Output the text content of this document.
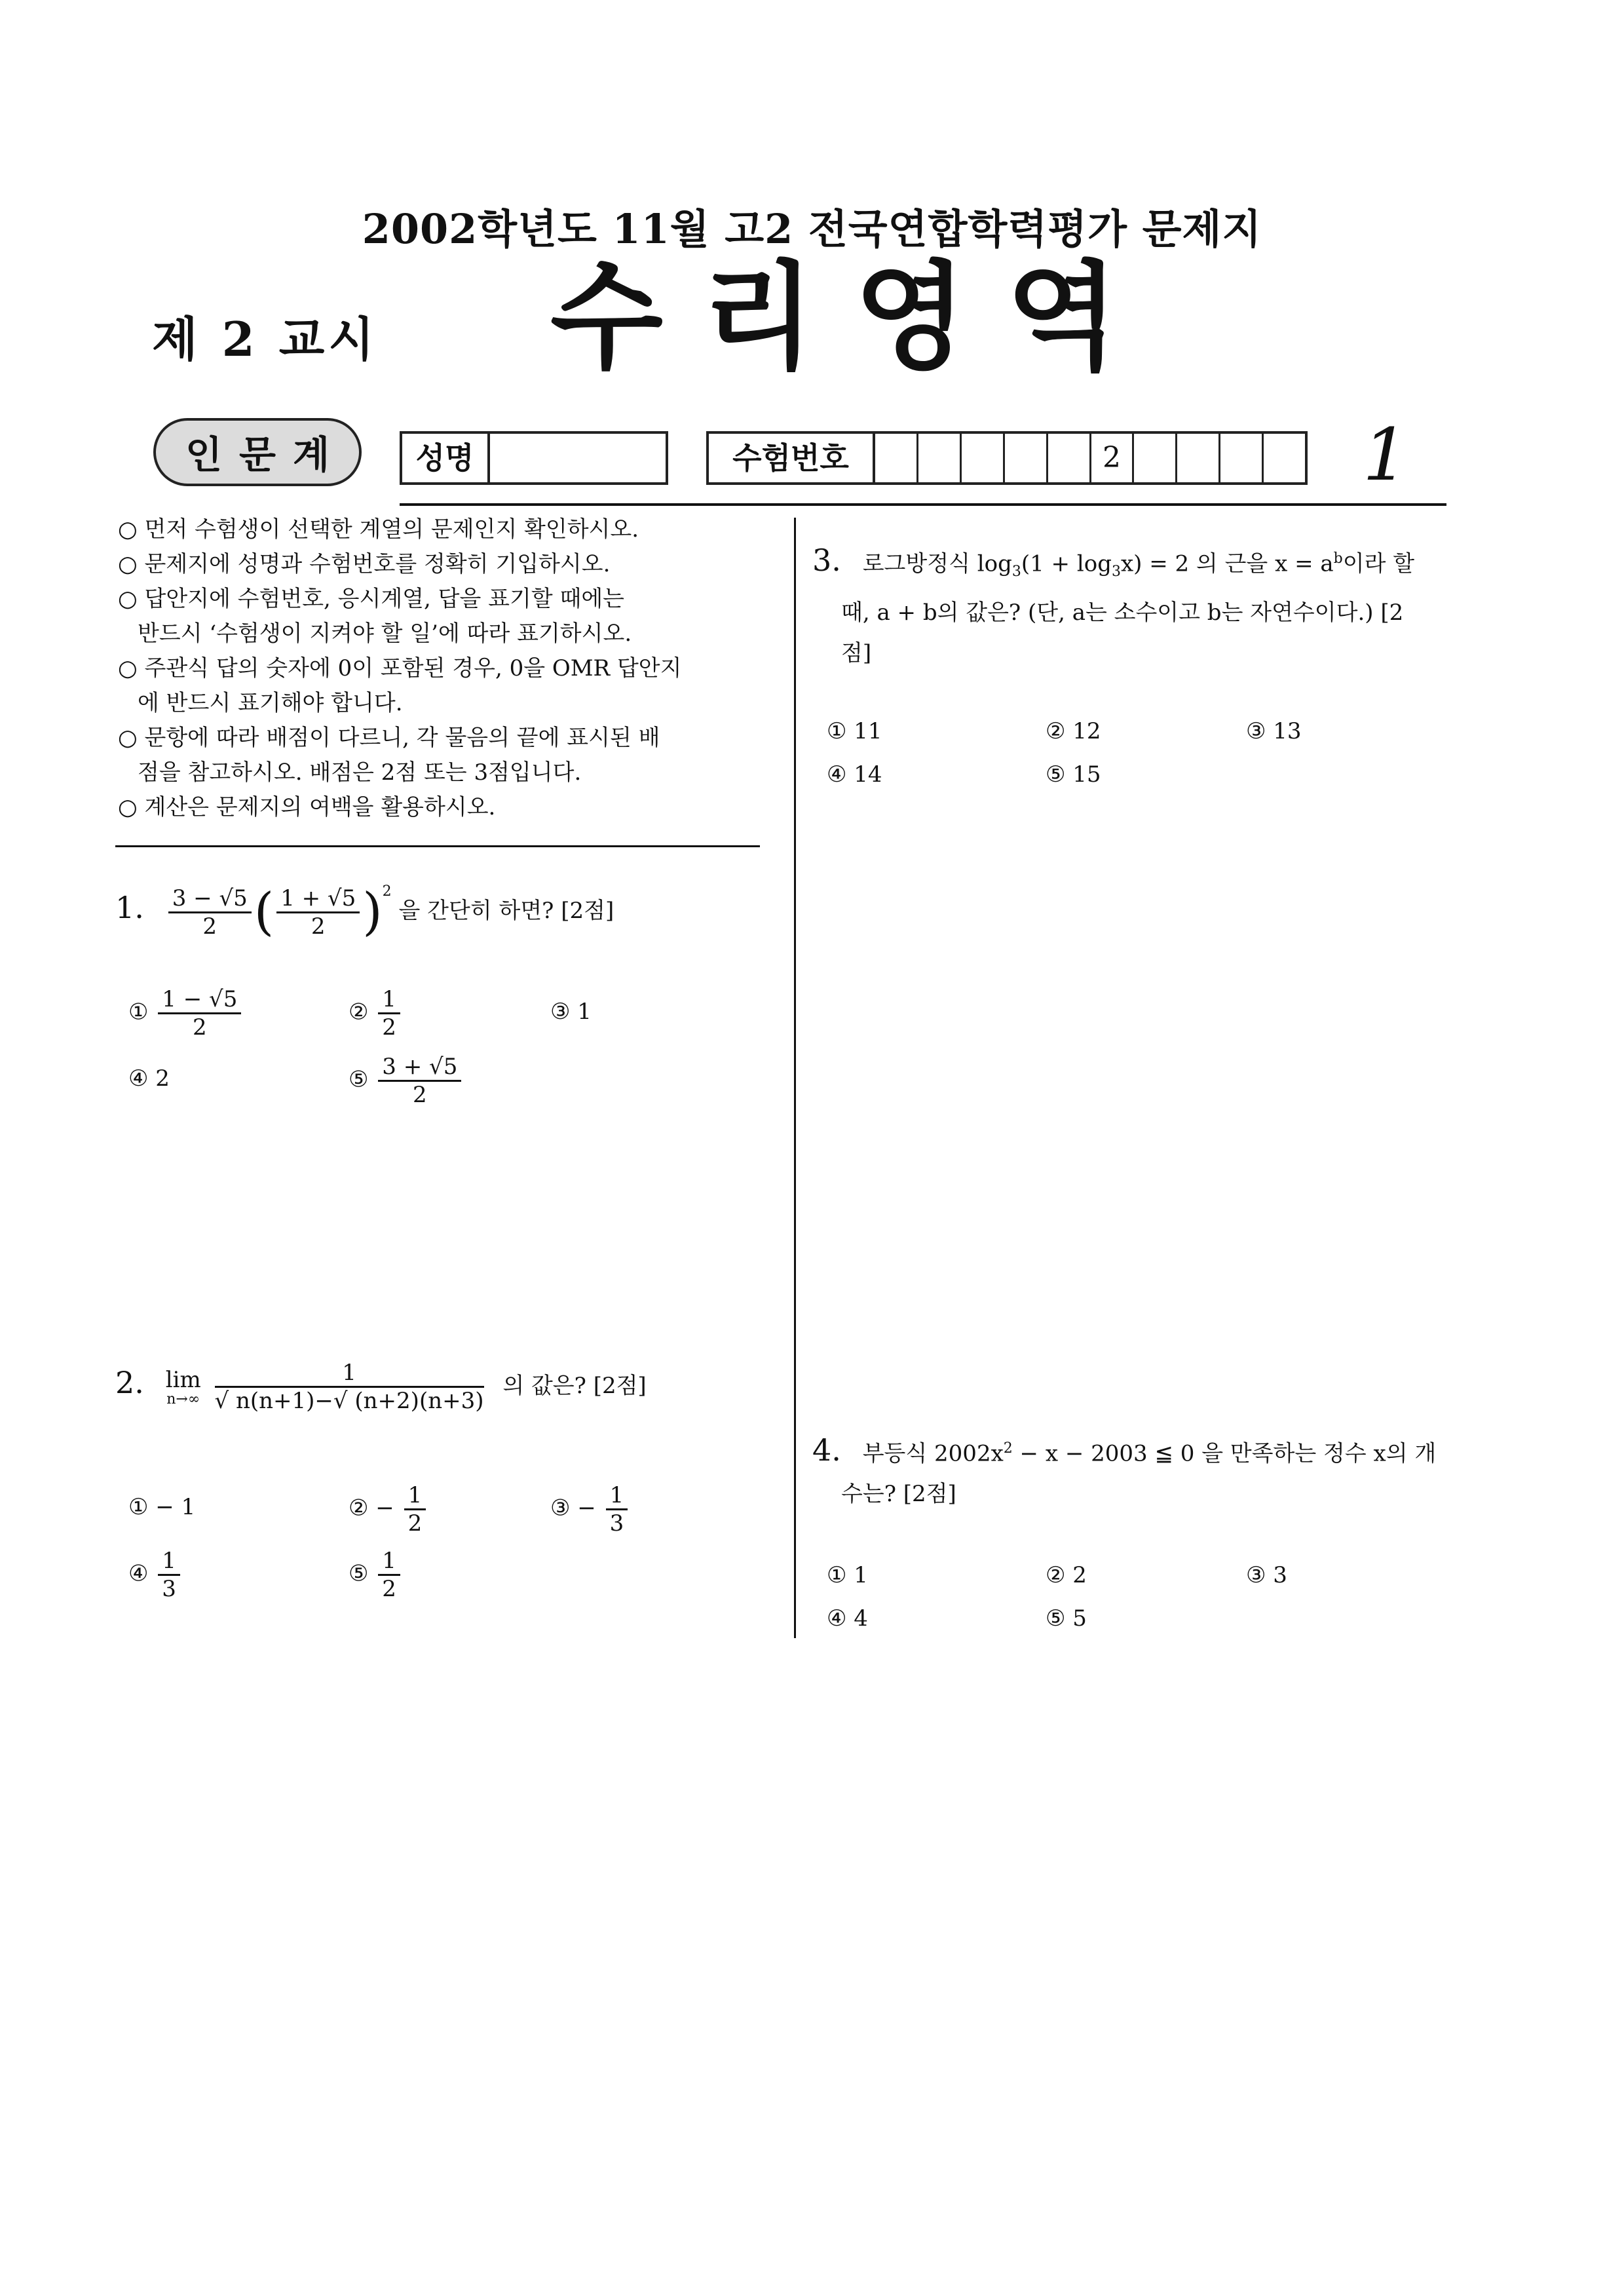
2002학년도 11월 고2 전국연합학력평가 문제지
제 2 교시 수리영역
인문계	성명	수험번호	2	1

○ 먼저 수험생이 선택한 계열의 문제인지 확인하시오.

○ 문제지에 성명과 수험번호를 정확히 기입하시오.

○ 답안지에 수험번호, 응시계열, 답을 표기할 때에는

반드시 ‘수험생이 지켜야 할 일’에 따라 표기하시오.

○ 주관식 답의 숫자에 0이 포함된 경우, 0을 OMR 답안지

에 반드시 표기해야 합니다.

○ 문항에 따라 배점이 다르니, 각 물음의 끝에 표시된 배

점을 참고하시오. 배점은 2점 또는 3점입니다.

○ 계산은 문제지의 여백을 활용하시오.

1. $\frac{3 - √5}{2}$ ( $\frac{1 + √5}{2} )^2$ 을 간단히 하면? [2점]
① $\frac{1 - √5}{2}$	② $\frac{1}{2}$	③ 1
④ 2	⑤ $\frac{3 + √5}{2}$
2. lim
n→∞
$\frac{1}{√ n(n+1)-√ (n+2)(n+3)}$ 의 값은? [2점]
① − 1	② − $\frac{1}{2}$	③ − $\frac{1}{3}$
④ $\frac{1}{3}$	⑤ $\frac{1}{2}$
3. 로그방정식 $\log_3(1 + \log_3x) = 2$ 의 근을 $x = a^b$이라 할
때, a + b의 값은? (단, a는 소수이고 b는 자연수이다.) [2
점]
① 11	② 12	③ 13
④ 14	⑤ 15
4. 부등식 $2002x^2 - x - 2003$ ≦ 0 을 만족하는 정수 x의 개
수는? [2점]
① 1	② 2	③ 3
④ 4	⑤ 5
